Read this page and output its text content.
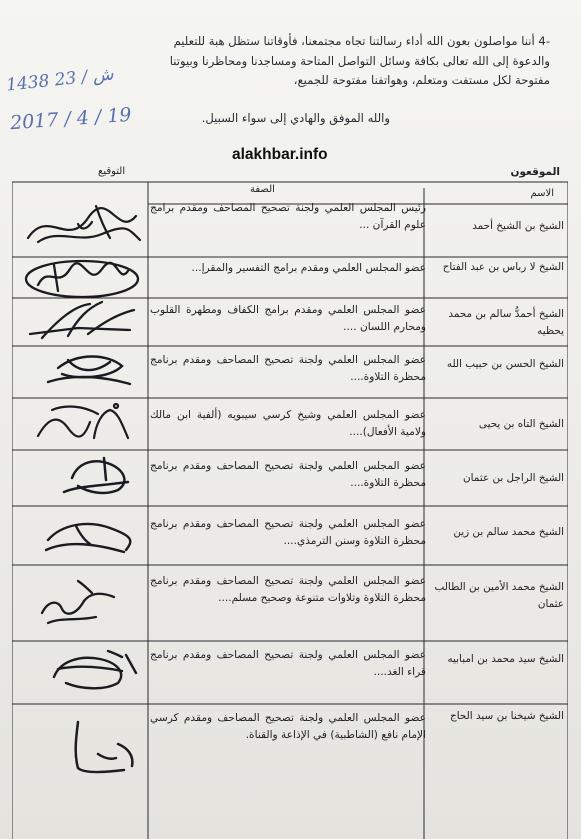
-4 أننا مواصلون بعون الله أداء رسالتنا تجاه مجتمعنا، فأوقاتنا ستظل هبة للتعليم

والدعوة إلى الله تعالى بكافة وسائل التواصل المتاحة ومساجدنا ومحاظرنا وبيوتنا

مفتوحة لكل مستفت ومتعلم، وهواتفنا مفتوحة للجميع،

والله الموفق والهادي إلى سواء السبيل.
1438 ش / 23
2017 / 4 / 19
alakhbar.info
الموقعون
التوقيع
الصفة	الاسم
الشيخ بن الشيخ أحمد
رئيس المجلس العلمي ولجنة تصحيح المصاحف ومقدم برامج علوم القرآن ...
الشيخ لا رباس بن عبد الفتاح
عضو المجلس العلمي ومقدم برامج التفسير والمقرإ...
الشيخ أحمدُّ سالم بن محمد يحظيه
عضو المجلس العلمي ومقدم برامج الكفاف ومطهرة القلوب ومحارم اللسان ....
الشيخ الحسن بن حبيب الله
عضو المجلس العلمي ولجنة تصحيح المصاحف ومقدم برنامج محظرة التلاوة....
الشيخ التاه بن يحيى
عضو المجلس العلمي وشيخ كرسي سيبويه (ألفية ابن مالك ولامية الأفعال)....
الشيخ الراجل بن عثمان
عضو المجلس العلمي ولجنة تصحيح المصاحف ومقدم برنامج محظرة التلاوة....
الشيخ محمد سالم بن زين
عضو المجلس العلمي ولجنة تصحيح المصاحف ومقدم برنامج محظرة التلاوة وسنن الترمذي....
الشيخ محمد الأمين بن الطالب عثمان
عضو المجلس العلمي ولجنة تصحيح المصاحف ومقدم برنامج محظرة التلاوة وتلاوات متنوعة وصحيح مسلم....
الشيخ سيد محمد بن امبابيه
عضو المجلس العلمي ولجنة تصحيح المصاحف ومقدم برنامج قراء الغد....
الشيخ شيخنا بن سيد الحاج
عضو المجلس العلمي ولجنة تصحيح المصاحف ومقدم كرسي الإمام نافع (الشاطبية) في الإذاعة والقناة.
